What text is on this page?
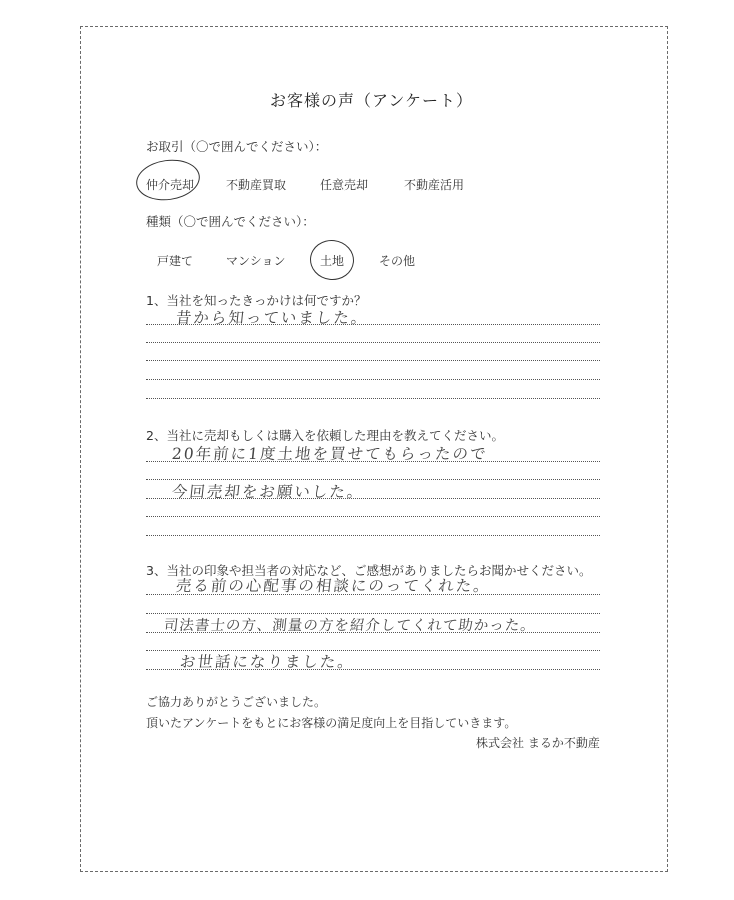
お客様の声（アンケート）
お取引（〇で囲んでください）：
仲介売却	不動産買取	任意売却	不動産活用
種類（〇で囲んでください）：
戸建て	マンション	土地	その他
1、当社を知ったきっかけは何ですか？
昔から知っていました。
2、当社に売却もしくは購入を依頼した理由を教えてください。
20年前に1度土地を買せてもらったので
今回売却をお願いした。
3、当社の印象や担当者の対応など、ご感想がありましたらお聞かせください。
売る前の心配事の相談にのってくれた。
司法書士の方、測量の方を紹介してくれて助かった。
お世話になりました。
ご協力ありがとうございました。
頂いたアンケートをもとにお客様の満足度向上を目指していきます。
株式会社 まるか不動産
